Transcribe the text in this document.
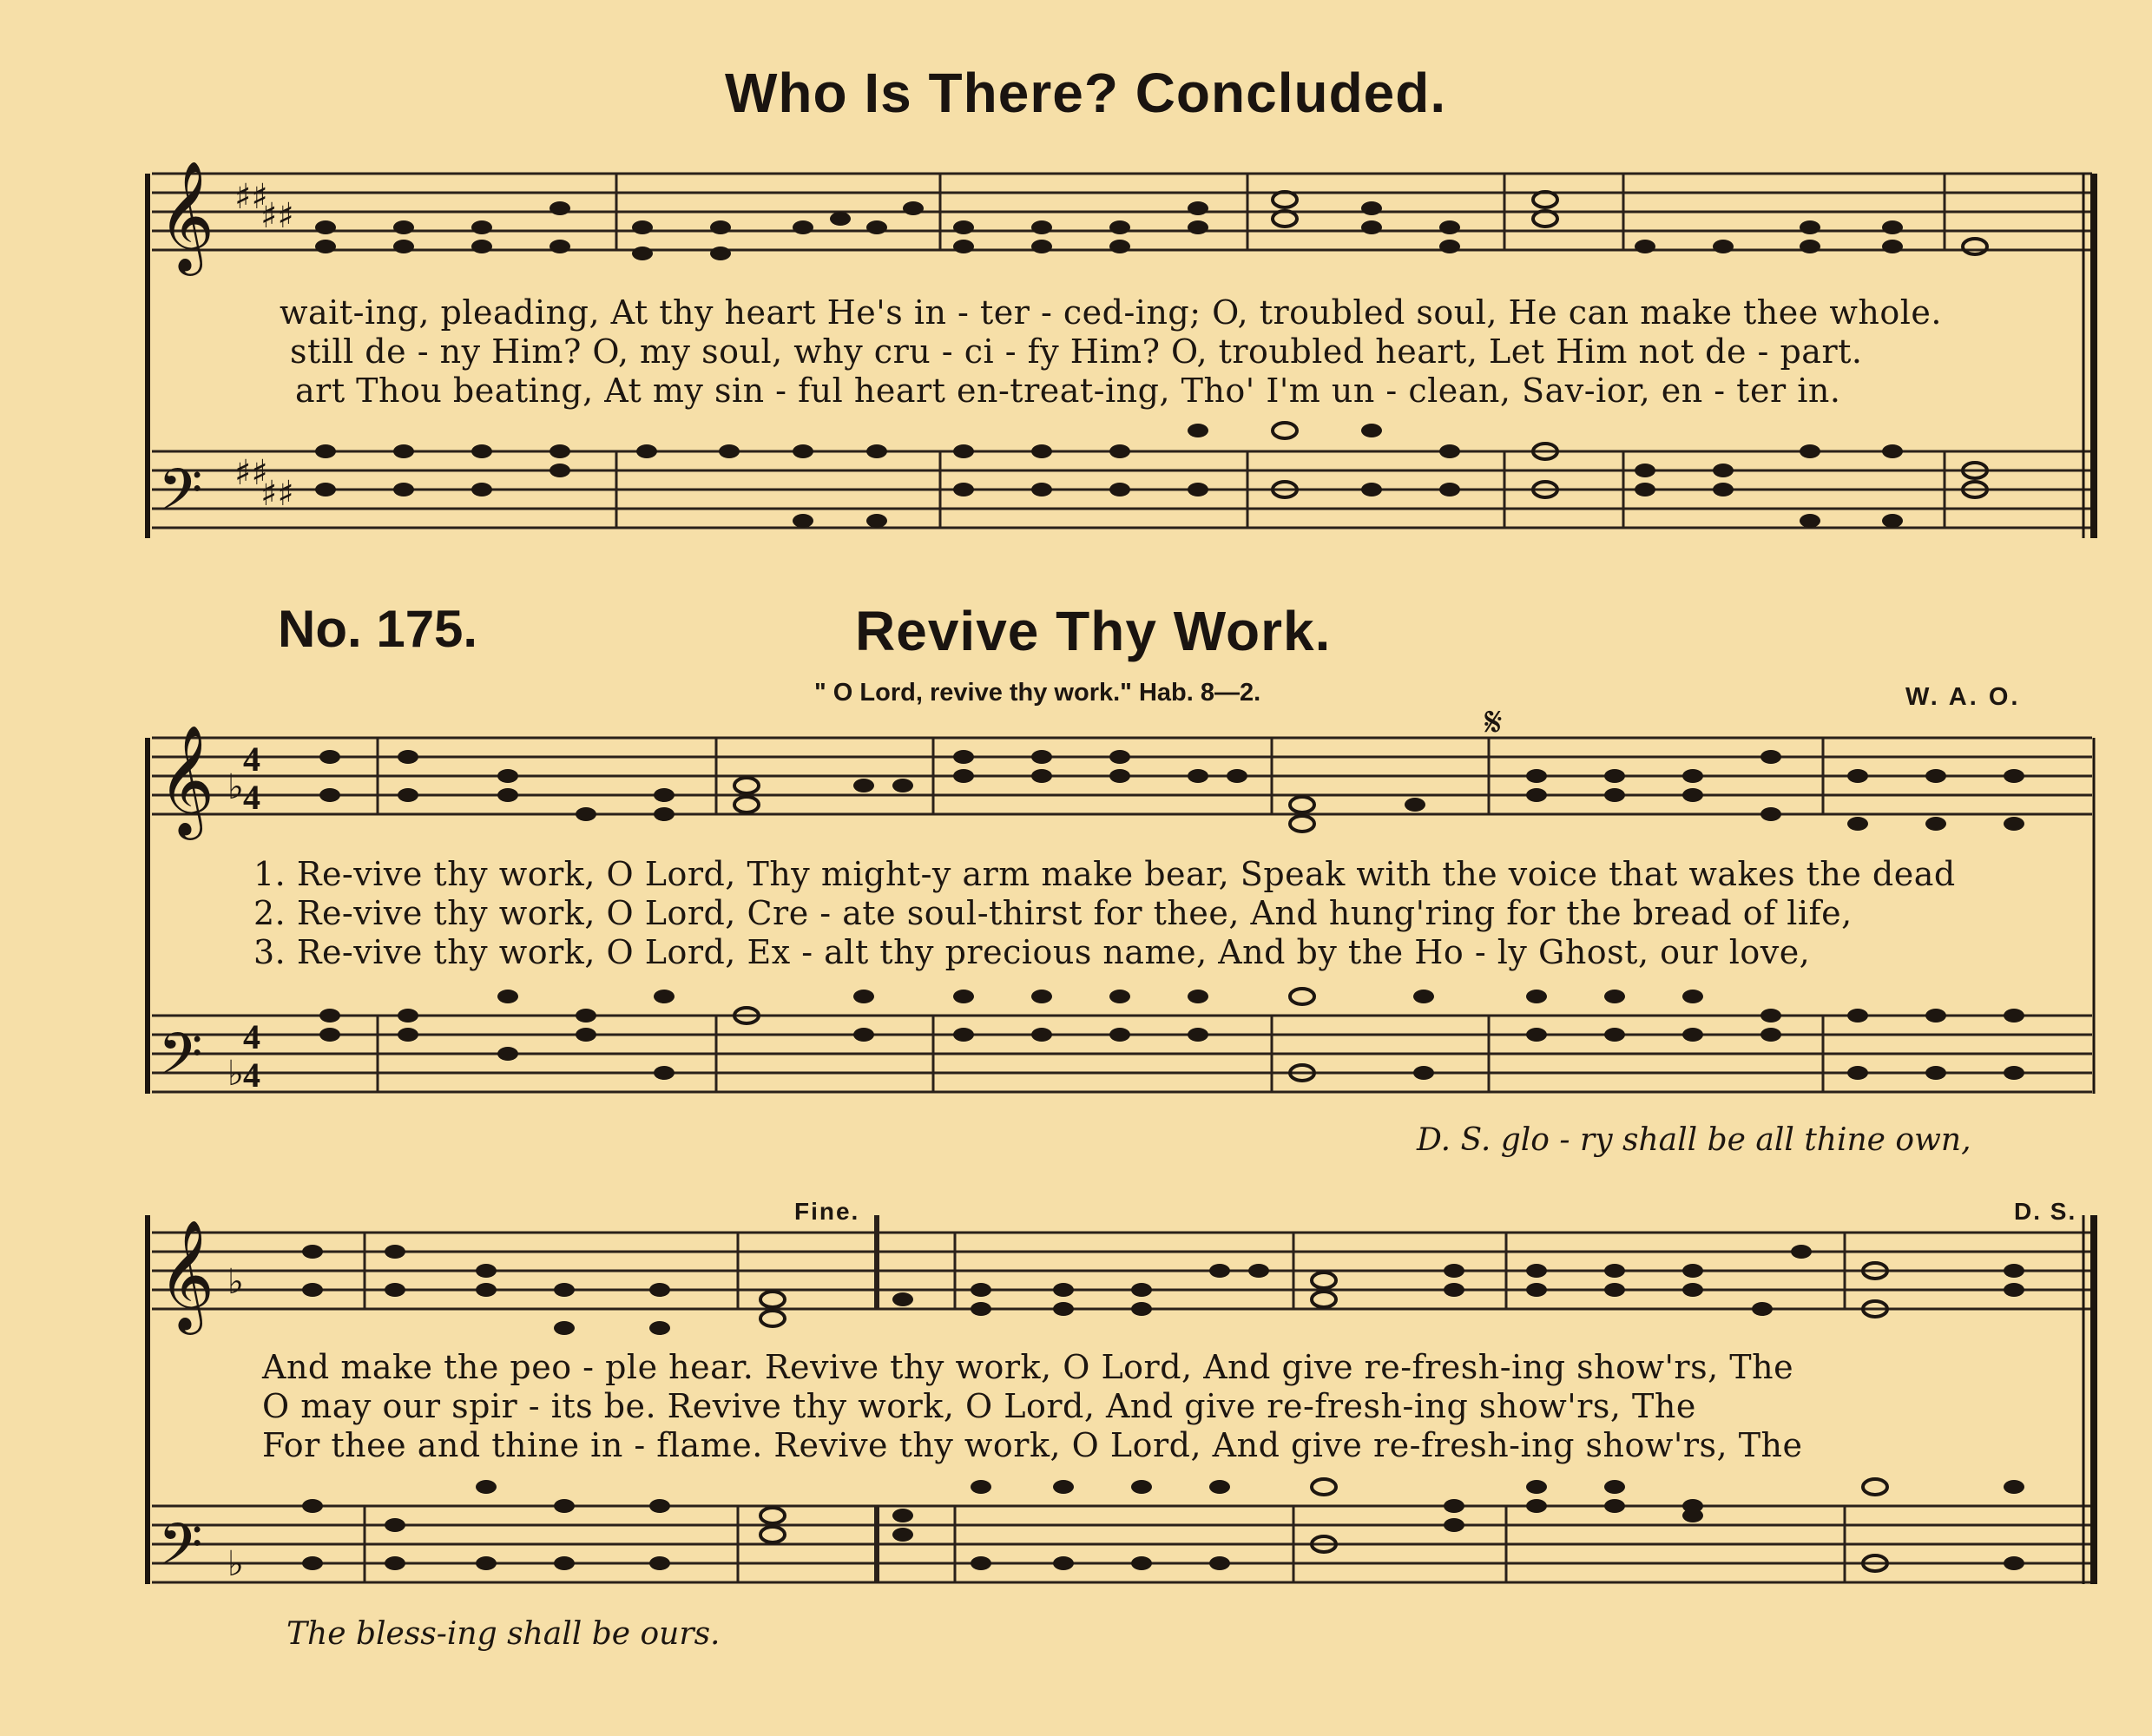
Who Is There? Concluded.
𝄞
𝄢
♯♯
♯♯
♯♯
♯♯
𝄞
𝄢
♭
4
4
♭
4
4
𝄋
𝄞
𝄢
♭
♭
wait-ing, pleading, At thy heart He's in - ter - ced-ing; O, troubled soul, He can make thee whole.
still de - ny Him? O, my soul, why cru - ci - fy Him? O, troubled heart, Let Him not de - part.
art Thou beating, At my sin - ful heart en-treat-ing, Tho' I'm un - clean, Sav-ior, en - ter in.
No. 175.	Revive Thy Work.
" O Lord, revive thy work." Hab. 8—2.	W. A. O.
1. Re-vive thy work, O Lord, Thy might-y arm make bear, Speak with the voice that wakes the dead
2. Re-vive thy work, O Lord, Cre - ate soul-thirst for thee, And hung'ring for the bread of life,
3. Re-vive thy work, O Lord, Ex - alt thy precious name, And by the Ho - ly Ghost, our love,
D. S. glo - ry shall be all thine own,
Fine.	D. S.
And make the peo - ple hear. Revive thy work, O Lord, And give re-fresh-ing show'rs, The
O may our spir - its be. Revive thy work, O Lord, And give re-fresh-ing show'rs, The
For thee and thine in - flame. Revive thy work, O Lord, And give re-fresh-ing show'rs, The
The bless-ing shall be ours.
